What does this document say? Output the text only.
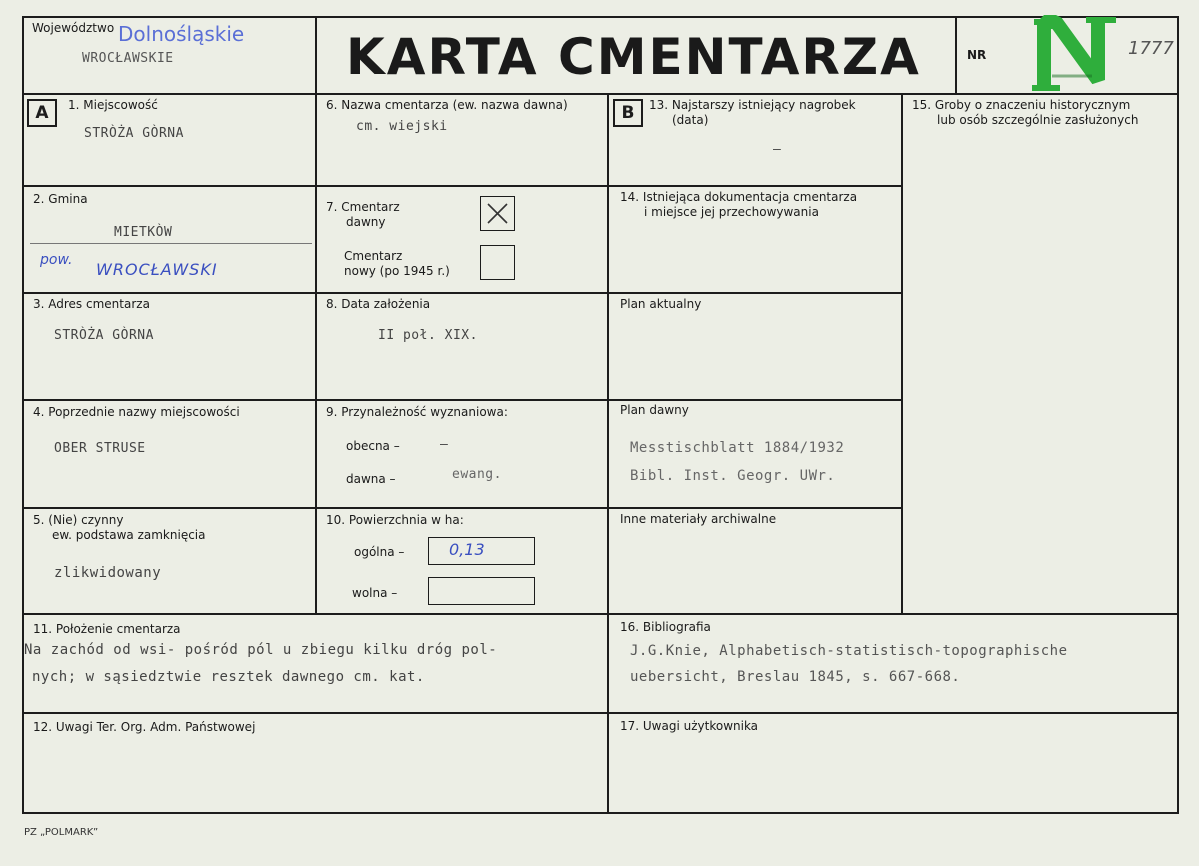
Województwo Dolnośląskie
WROCŁAWSKIE	KARTA CMENTARZA	NR	1777
A	1. Miejscowość
STRÒŻA GÒRNA
2. Gmina
MIETKÒW
pow. WROCŁAWSKI
3. Adres cmentarza
STRÒŻA GÒRNA
4. Poprzednie nazwy miejscowości
OBER STRUSE
5. (Nie) czynny
ew. podstawa zamknięcia
zlikwidowany
6. Nazwa cmentarza (ew. nazwa dawna)
cm. wiejski
7. Cmentarz
dawny
Cmentarz
nowy (po 1945 r.)
8. Data założenia
II poł. XIX.
9. Przynależność wyznaniowa:
obecna –	–
dawna –	ewang.
10. Powierzchnia w ha:
ogólna –	0,13
wolna –
B	13. Najstarszy istniejący nagrobek
(data)
–
14. Istniejąca dokumentacja cmentarza
i miejsce jej przechowywania
Plan aktualny
Plan dawny
Messtischblatt 1884/1932
Bibl. Inst. Geogr. UWr.
Inne materiały archiwalne
15. Groby o znaczeniu historycznym
lub osób szczególnie zasłużonych
11. Położenie cmentarza
Na zachód od wsi- pośród pól u zbiegu kilku dróg pol-
nych; w sąsiedztwie resztek dawnego cm. kat.
16. Bibliografia
J.G.Knie, Alphabetisch-statistisch-topographische
uebersicht, Breslau 1845, s. 667-668.
12. Uwagi Ter. Org. Adm. Państwowej	17. Uwagi użytkownika
PZ „POLMARK”
